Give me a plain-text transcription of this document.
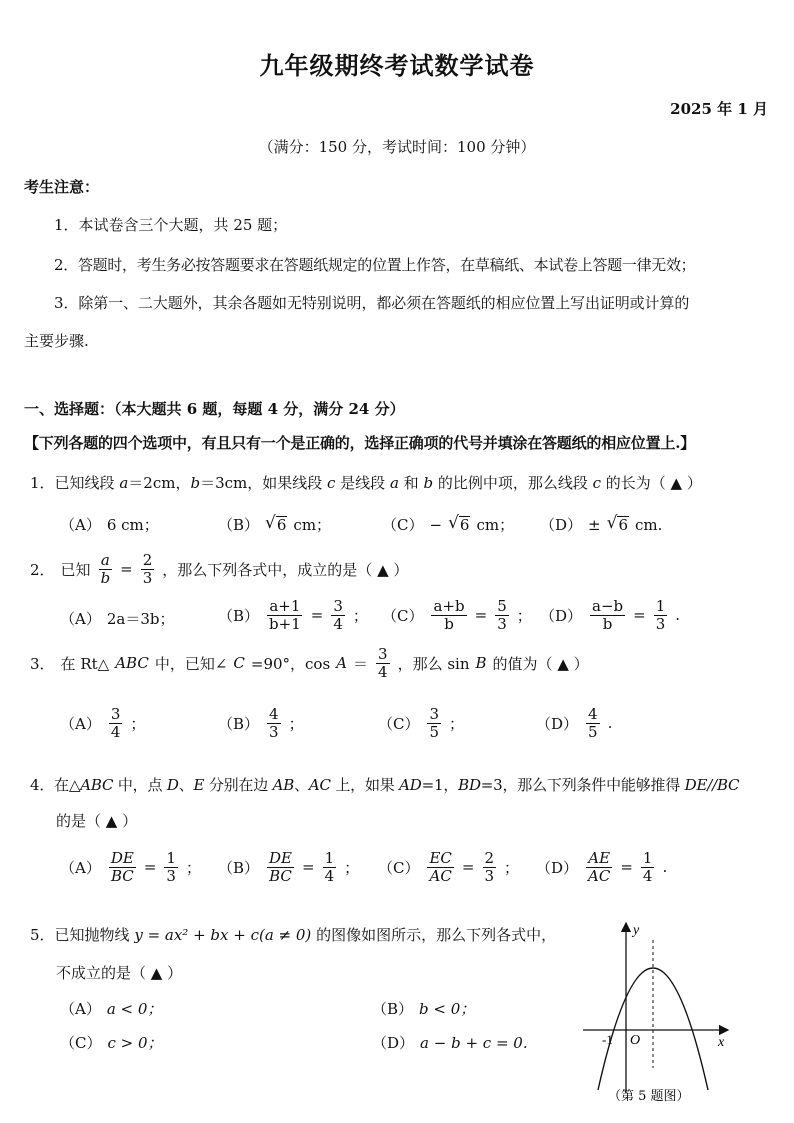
九年级期终考试数学试卷
2025 年 1 月
（满分：150 分，考试时间：100 分钟）
考生注意：
1．本试卷含三个大题，共 25 题；
2．答题时，考生务必按答题要求在答题纸规定的位置上作答，在草稿纸、本试卷上答题一律无效；
3．除第一、二大题外，其余各题如无特别说明，都必须在答题纸的相应位置上写出证明或计算的
主要步骤.
一、选择题：（本大题共 6 题，每题 4 分，满分 24 分）
【下列各题的四个选项中，有且只有一个是正确的，选择正确项的代号并填涂在答题纸的相应位置上.】
1．已知线段 a＝2cm，b＝3cm，如果线段 c 是线段 a 和 b 的比例中项，那么线段 c 的长为（ ▲ ）
（A） 6 cm；	（B） √ 6 cm；	（C） − √ 6 cm； （D） ± √ 6 cm.
2． 已知 $\frac{a}{b} = \frac{2}{3}$ ，那么下列各式中，成立的是（ ▲ ）
（A） 2a＝3b；	$(B) \frac{a+1}{b+1} = \frac{3}{4}$ ； $(C) \frac{a+b}{b} = \frac{5}{3}$ ； $(D) \frac{a-b}{b} = \frac{1}{3}$ .
3． 在 Rt△ ABC 中，已知∠ C =90°，$\cos A = \frac{3}{4}$ ，那么 sin B 的值为（ ▲ ）
$(A) \frac{3}{4}$ ；	$(B) \frac{4}{3}$ ；	$(C) \frac{3}{5}$ ；	$(D) \frac{4}{5}$ .
4．在△ABC 中，点 D、E 分别在边 AB、AC 上，如果 AD=1，BD=3，那么下列条件中能够推得 DE//BC
的是（ ▲ ）
$(A) \frac{DE}{BC} = \frac{1}{3}$ ； $(B) \frac{DE}{BC} = \frac{1}{4}$ ； $(C) \frac{EC}{AC} = \frac{2}{3}$ ； $(D) \frac{AE}{AC} = \frac{1}{4}$ .
5．已知抛物线 y = ax² + bx + c(a ≠ 0) 的图像如图所示，那么下列各式中，
不成立的是（ ▲ ）
（A） a < 0；	（B） b < 0；
（C） c > 0；	（D） a − b + c = 0.
y
x
O
-1
（第 5 题图）
